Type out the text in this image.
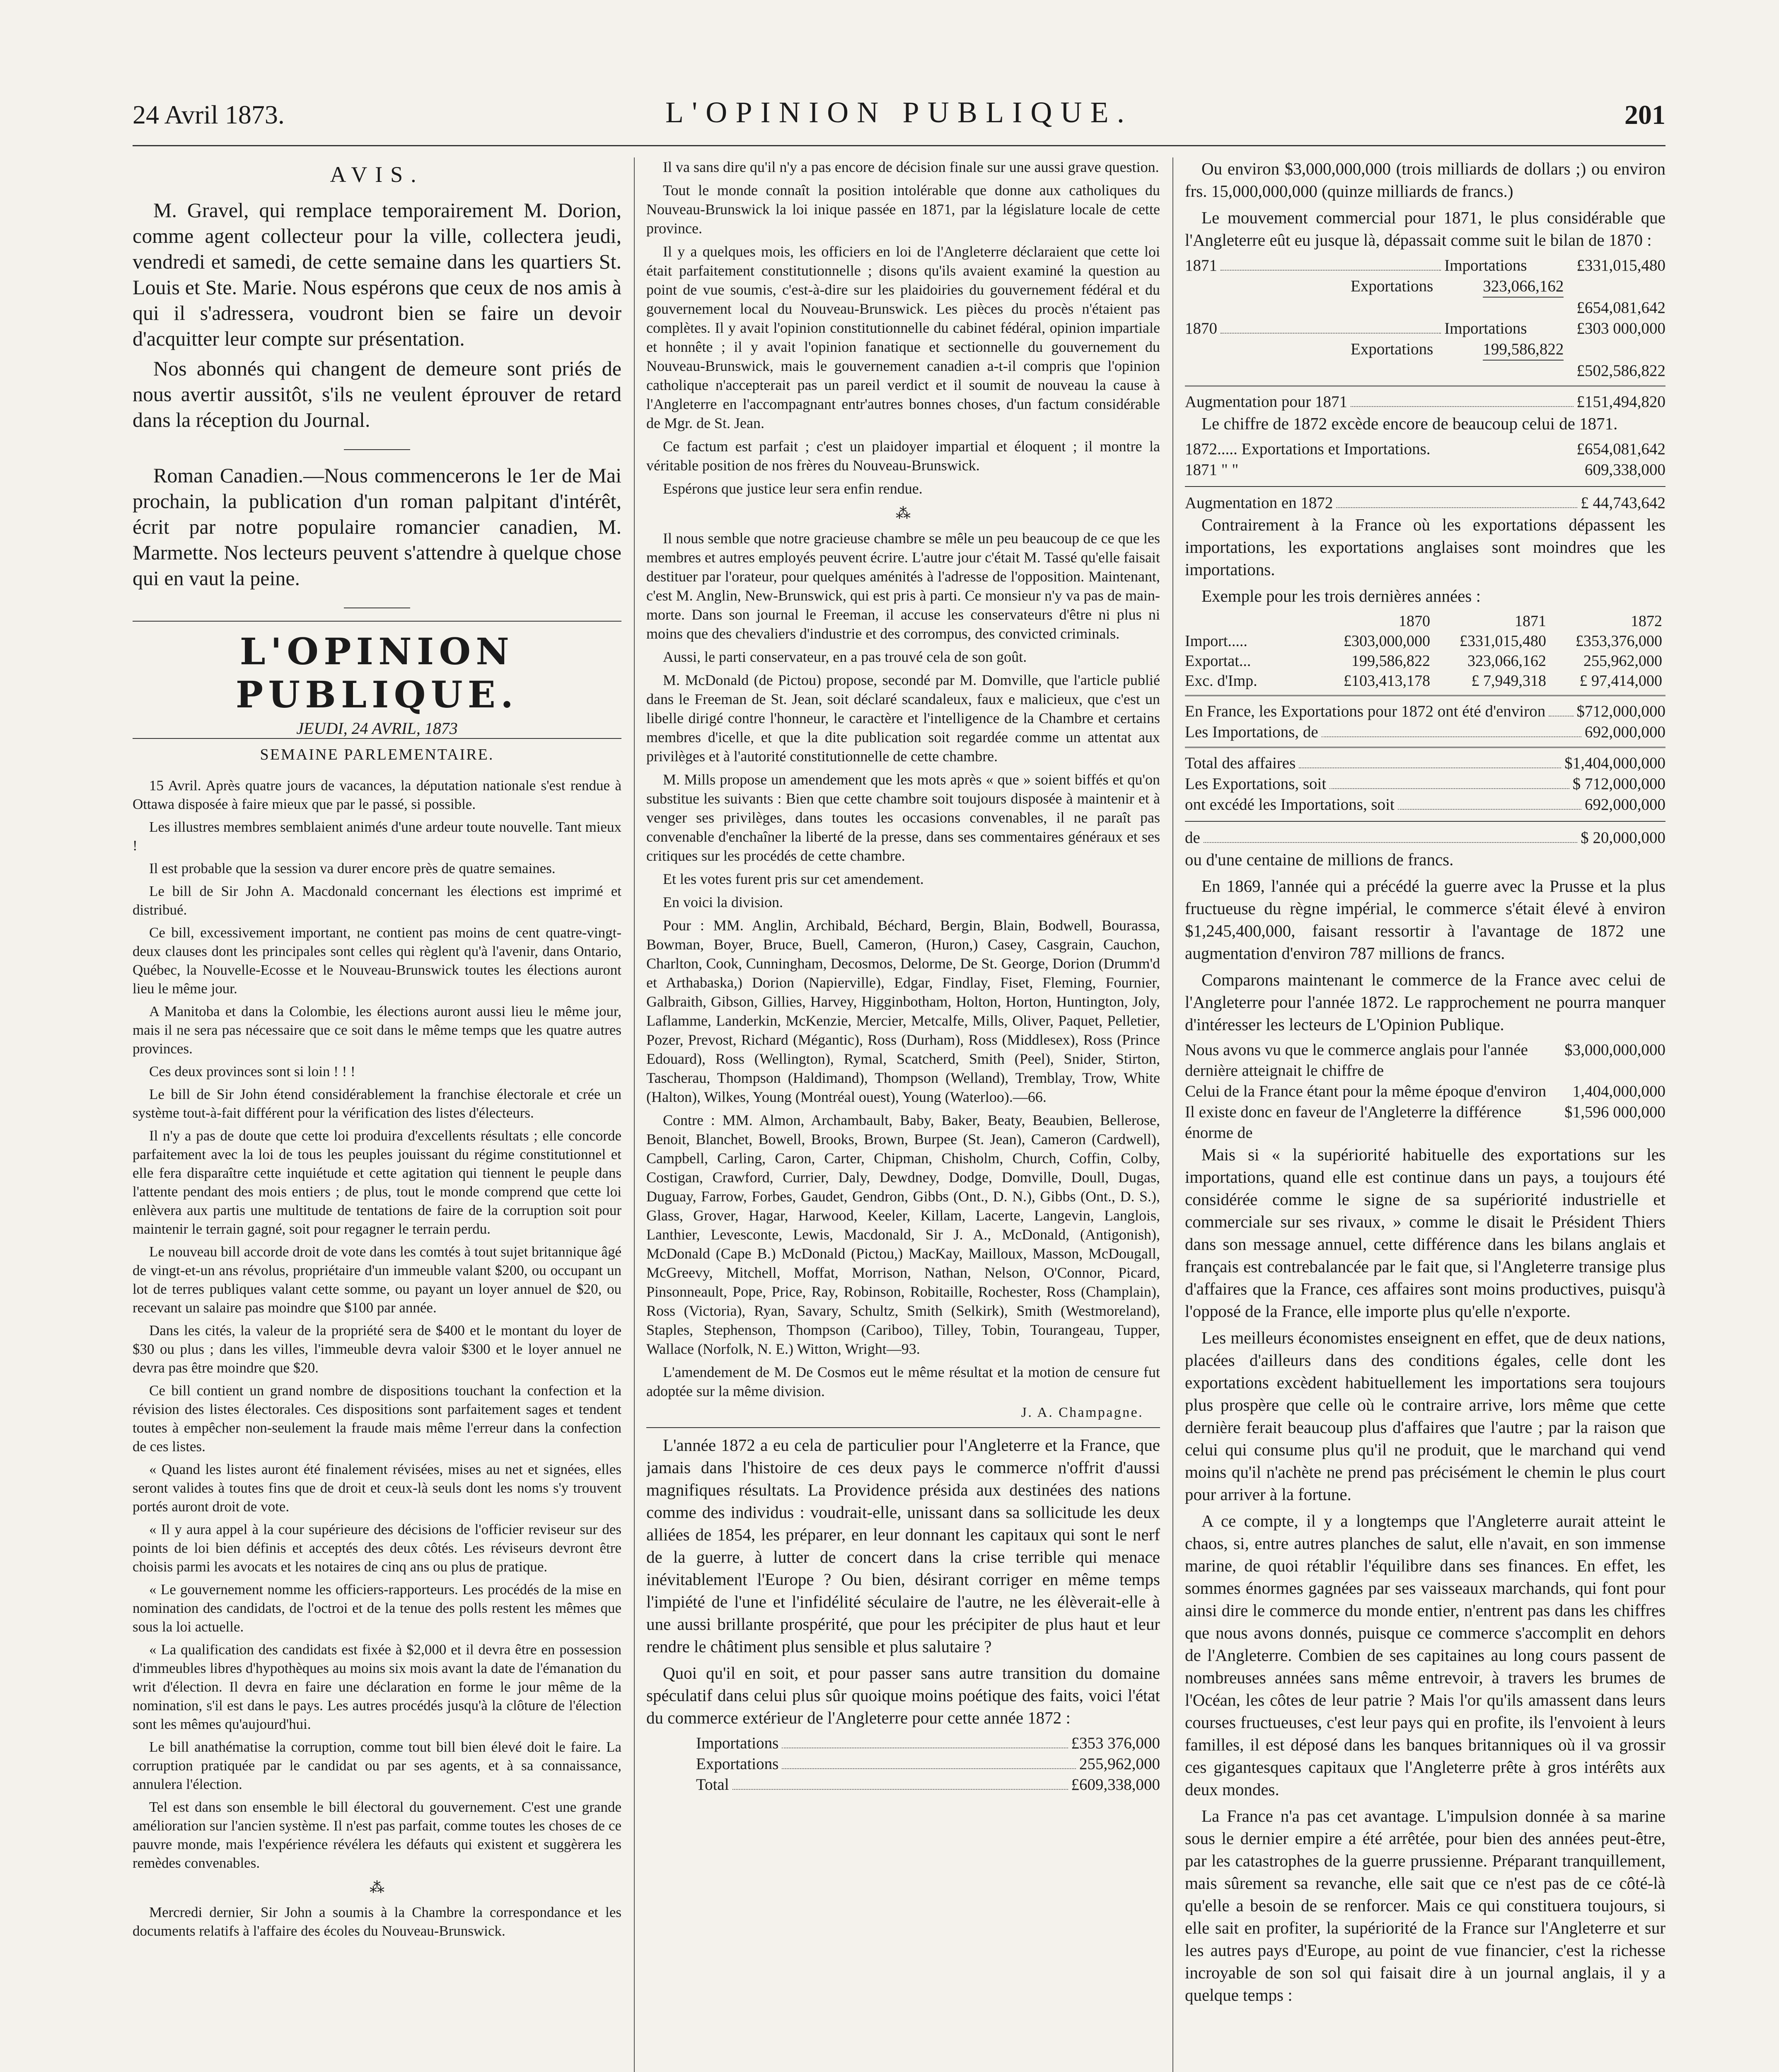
24 Avril 1873.	L'OPINION PUBLIQUE.	201
AVIS.

M. Gravel, qui remplace temporairement M. Dorion, comme agent collecteur pour la ville, collectera jeudi, vendredi et samedi, de cette semaine dans les quartiers St. Louis et Ste. Marie. Nous espérons que ceux de nos amis à qui il s'adressera, voudront bien se faire un devoir d'acquitter leur compte sur présentation.

Nos abonnés qui changent de demeure sont priés de nous avertir aussitôt, s'ils ne veulent éprouver de retard dans la réception du Journal.

Roman Canadien.—Nous commencerons le 1er de Mai prochain, la publication d'un roman palpitant d'intérêt, écrit par notre populaire romancier canadien, M. Marmette. Nos lecteurs peuvent s'attendre à quelque chose qui en vaut la peine.

L'OPINION PUBLIQUE.
JEUDI, 24 AVRIL, 1873
SEMAINE PARLEMENTAIRE.

15 Avril. Après quatre jours de vacances, la députation nationale s'est rendue à Ottawa disposée à faire mieux que par le passé, si possible.

Les illustres membres semblaient animés d'une ardeur toute nouvelle. Tant mieux !

Il est probable que la session va durer encore près de quatre semaines.

Le bill de Sir John A. Macdonald concernant les élections est imprimé et distribué.

Ce bill, excessivement important, ne contient pas moins de cent quatre-vingt-deux clauses dont les principales sont celles qui règlent qu'à l'avenir, dans Ontario, Québec, la Nouvelle-Ecosse et le Nouveau-Brunswick toutes les élections auront lieu le même jour.

A Manitoba et dans la Colombie, les élections auront aussi lieu le même jour, mais il ne sera pas nécessaire que ce soit dans le même temps que les quatre autres provinces.

Ces deux provinces sont si loin ! ! !

Le bill de Sir John étend considérablement la franchise électorale et crée un système tout-à-fait différent pour la vérification des listes d'électeurs.

Il n'y a pas de doute que cette loi produira d'excellents résultats ; elle concorde parfaitement avec la loi de tous les peuples jouissant du régime constitutionnel et elle fera disparaître cette inquiétude et cette agitation qui tiennent le peuple dans l'attente pendant des mois entiers ; de plus, tout le monde comprend que cette loi enlèvera aux partis une multitude de tentations de faire de la corruption soit pour maintenir le terrain gagné, soit pour regagner le terrain perdu.

Le nouveau bill accorde droit de vote dans les comtés à tout sujet britannique âgé de vingt-et-un ans révolus, propriétaire d'un immeuble valant $200, ou occupant un lot de terres publiques valant cette somme, ou payant un loyer annuel de $20, ou recevant un salaire pas moindre que $100 par année.

Dans les cités, la valeur de la propriété sera de $400 et le montant du loyer de $30 ou plus ; dans les villes, l'immeuble devra valoir $300 et le loyer annuel ne devra pas être moindre que $20.

Ce bill contient un grand nombre de dispositions touchant la confection et la révision des listes électorales. Ces dispositions sont parfaitement sages et tendent toutes à empêcher non-seulement la fraude mais même l'erreur dans la confection de ces listes.

« Quand les listes auront été finalement révisées, mises au net et signées, elles seront valides à toutes fins que de droit et ceux-là seuls dont les noms s'y trouvent portés auront droit de vote.

« Il y aura appel à la cour supérieure des décisions de l'officier reviseur sur des points de loi bien définis et acceptés des deux côtés. Les réviseurs devront être choisis parmi les avocats et les notaires de cinq ans ou plus de pratique.

« Le gouvernement nomme les officiers-rapporteurs. Les procédés de la mise en nomination des candidats, de l'octroi et de la tenue des polls restent les mêmes que sous la loi actuelle.

« La qualification des candidats est fixée à $2,000 et il devra être en possession d'immeubles libres d'hypothèques au moins six mois avant la date de l'émanation du writ d'élection. Il devra en faire une déclaration en forme le jour même de la nomination, s'il est dans le pays. Les autres procédés jusqu'à la clôture de l'élection sont les mêmes qu'aujourd'hui.

Le bill anathématise la corruption, comme tout bill bien élevé doit le faire. La corruption pratiquée par le candidat ou par ses agents, et à sa connaissance, annulera l'élection.

Tel est dans son ensemble le bill électoral du gouvernement. C'est une grande amélioration sur l'ancien système. Il n'est pas parfait, comme toutes les choses de ce pauvre monde, mais l'expérience révélera les défauts qui existent et suggèrera les remèdes convenables.

⁂

Mercredi dernier, Sir John a soumis à la Chambre la correspondance et les documents relatifs à l'affaire des écoles du Nouveau-Brunswick.

Il va sans dire qu'il n'y a pas encore de décision finale sur une aussi grave question.

Tout le monde connaît la position intolérable que donne aux catholiques du Nouveau-Brunswick la loi inique passée en 1871, par la législature locale de cette province.

Il y a quelques mois, les officiers en loi de l'Angleterre déclaraient que cette loi était parfaitement constitutionnelle ; disons qu'ils avaient examiné la question au point de vue soumis, c'est-à-dire sur les plaidoiries du gouvernement fédéral et du gouvernement local du Nouveau-Brunswick. Les pièces du procès n'étaient pas complètes. Il y avait l'opinion constitutionnelle du cabinet fédéral, opinion impartiale et honnête ; il y avait l'opinion fanatique et sectionnelle du gouvernement du Nouveau-Brunswick, mais le gouvernement canadien a-t-il compris que l'opinion catholique n'accepterait pas un pareil verdict et il soumit de nouveau la cause à l'Angleterre en l'accompagnant entr'autres bonnes choses, d'un factum considérable de Mgr. de St. Jean.

Ce factum est parfait ; c'est un plaidoyer impartial et éloquent ; il montre la véritable position de nos frères du Nouveau-Brunswick.

Espérons que justice leur sera enfin rendue.

⁂

Il nous semble que notre gracieuse chambre se mêle un peu beaucoup de ce que les membres et autres employés peuvent écrire. L'autre jour c'était M. Tassé qu'elle faisait destituer par l'orateur, pour quelques aménités à l'adresse de l'opposition. Maintenant, c'est M. Anglin, New-Brunswick, qui est pris à parti. Ce monsieur n'y va pas de main-morte. Dans son journal le Freeman, il accuse les conservateurs d'être ni plus ni moins que des chevaliers d'industrie et des corrompus, des convicted criminals.

Aussi, le parti conservateur, en a pas trouvé cela de son goût.

M. McDonald (de Pictou) propose, secondé par M. Domville, que l'article publié dans le Freeman de St. Jean, soit déclaré scandaleux, faux e malicieux, que c'est un libelle dirigé contre l'honneur, le caractère et l'intelligence de la Chambre et certains membres d'icelle, et que la dite publication soit regardée comme un attentat aux privilèges et à l'autorité constitutionnelle de cette chambre.

M. Mills propose un amendement que les mots après « que » soient biffés et qu'on substitue les suivants : Bien que cette chambre soit toujours disposée à maintenir et à venger ses privilèges, dans toutes les occasions convenables, il ne paraît pas convenable d'enchaîner la liberté de la presse, dans ses commentaires généraux et ses critiques sur les procédés de cette chambre.

Et les votes furent pris sur cet amendement.

En voici la division.

Pour : MM. Anglin, Archibald, Béchard, Bergin, Blain, Bodwell, Bourassa, Bowman, Boyer, Bruce, Buell, Cameron, (Huron,) Casey, Casgrain, Cauchon, Charlton, Cook, Cunningham, Decosmos, Delorme, De St. George, Dorion (Drumm'd et Arthabaska,) Dorion (Napierville), Edgar, Findlay, Fiset, Fleming, Fournier, Galbraith, Gibson, Gillies, Harvey, Higginbotham, Holton, Horton, Huntington, Joly, Laflamme, Landerkin, McKenzie, Mercier, Metcalfe, Mills, Oliver, Paquet, Pelletier, Pozer, Prevost, Richard (Mégantic), Ross (Durham), Ross (Middlesex), Ross (Prince Edouard), Ross (Wellington), Rymal, Scatcherd, Smith (Peel), Snider, Stirton, Tascherau, Thompson (Haldimand), Thompson (Welland), Tremblay, Trow, White (Halton), Wilkes, Young (Montréal ouest), Young (Waterloo).—66.

Contre : MM. Almon, Archambault, Baby, Baker, Beaty, Beaubien, Bellerose, Benoit, Blanchet, Bowell, Brooks, Brown, Burpee (St. Jean), Cameron (Cardwell), Campbell, Carling, Caron, Carter, Chipman, Chisholm, Church, Coffin, Colby, Costigan, Crawford, Currier, Daly, Dewdney, Dodge, Domville, Doull, Dugas, Duguay, Farrow, Forbes, Gaudet, Gendron, Gibbs (Ont., D. N.), Gibbs (Ont., D. S.), Glass, Grover, Hagar, Harwood, Keeler, Killam, Lacerte, Langevin, Langlois, Lanthier, Levesconte, Lewis, Macdonald, Sir J. A., McDonald, (Antigonish), McDonald (Cape B.) McDonald (Pictou,) MacKay, Mailloux, Masson, McDougall, McGreevy, Mitchell, Moffat, Morrison, Nathan, Nelson, O'Connor, Picard, Pinsonneault, Pope, Price, Ray, Robinson, Robitaille, Rochester, Ross (Champlain), Ross (Victoria), Ryan, Savary, Schultz, Smith (Selkirk), Smith (Westmoreland), Staples, Stephenson, Thompson (Cariboo), Tilley, Tobin, Tourangeau, Tupper, Wallace (Norfolk, N. E.) Witton, Wright—93.

L'amendement de M. De Cosmos eut le même résultat et la motion de censure fut adoptée sur la même division.

J. A. Champagne.

L'année 1872 a eu cela de particulier pour l'Angleterre et la France, que jamais dans l'histoire de ces deux pays le commerce n'offrit d'aussi magnifiques résultats. La Providence présida aux destinées des nations comme des individus : voudrait-elle, unissant dans sa sollicitude les deux alliées de 1854, les préparer, en leur donnant les capitaux qui sont le nerf de la guerre, à lutter de concert dans la crise terrible qui menace inévitablement l'Europe ? Ou bien, désirant corriger en même temps l'impiété de l'une et l'infidélité séculaire de l'autre, ne les élèverait-elle à une aussi brillante prospérité, que pour les précipiter de plus haut et leur rendre le châtiment plus sensible et plus salutaire ?

Quoi qu'il en soit, et pour passer sans autre transition du domaine spéculatif dans celui plus sûr quoique moins poétique des faits, voici l'état du commerce extérieur de l'Angleterre pour cette année 1872 :

Importations	£353 376,000
Exportations	255,962,000
Total	£609,338,000

Ou environ $3,000,000,000 (trois milliards de dollars ;) ou environ frs. 15,000,000,000 (quinze milliards de francs.)

Le mouvement commercial pour 1871, le plus considérable que l'Angleterre eût eu jusque là, dépassait comme suit le bilan de 1870 :

1871	Importations	£331,015,480
Exportations	323,066,162
£654,081,642
1870	Importations	£303 000,000
Exportations	199,586,822
£502,586,822
Augmentation pour 1871	£151,494,820

Le chiffre de 1872 excède encore de beaucoup celui de 1871.

1872..... Exportations et Importations.	£654,081,642
1871 " "	609,338,000
Augmentation en 1872	£ 44,743,642

Contrairement à la France où les exportations dépassent les importations, les exportations anglaises sont moindres que les importations.

Exemple pour les trois dernières années :

1870	1871	1872
Import.....	£303,000,000	£331,015,480	£353,376,000
Exportat...	199,586,822	323,066,162	255,962,000
Exc. d'Imp.	£103,413,178	£ 7,949,318	£ 97,414,000
En France, les Exportations pour 1872 ont été d'environ $712,000,000
Les Importations, de	692,000,000
Total des affaires	$1,404,000,000
Les Exportations, soit	$ 712,000,000
ont excédé les Importations, soit	692,000,000
de	$ 20,000,000

ou d'une centaine de millions de francs.

En 1869, l'année qui a précédé la guerre avec la Prusse et la plus fructueuse du règne impérial, le commerce s'était élevé à environ $1,245,400,000, faisant ressortir à l'avantage de 1872 une augmentation d'environ 787 millions de francs.

Comparons maintenant le commerce de la France avec celui de l'Angleterre pour l'année 1872. Le rapprochement ne pourra manquer d'intéresser les lecteurs de L'Opinion Publique.

Nous avons vu que le commerce anglais pour l'année dernière atteignait le chiffre de
$3,000,000,000
Celui de la France étant pour la même époque d'environ	1,404,000,000
Il existe donc en faveur de l'Angleterre la différence énorme de
$1,596 000,000

Mais si « la supériorité habituelle des exportations sur les importations, quand elle est continue dans un pays, a toujours été considérée comme le signe de sa supériorité industrielle et commerciale sur ses rivaux, » comme le disait le Président Thiers dans son message annuel, cette différence dans les bilans anglais et français est contrebalancée par le fait que, si l'Angleterre transige plus d'affaires que la France, ces affaires sont moins productives, puisqu'à l'opposé de la France, elle importe plus qu'elle n'exporte.

Les meilleurs économistes enseignent en effet, que de deux nations, placées d'ailleurs dans des conditions égales, celle dont les exportations excèdent habituellement les importations sera toujours plus prospère que celle où le contraire arrive, lors même que cette dernière ferait beaucoup plus d'affaires que l'autre ; par la raison que celui qui consume plus qu'il ne produit, que le marchand qui vend moins qu'il n'achète ne prend pas précisément le chemin le plus court pour arriver à la fortune.

A ce compte, il y a longtemps que l'Angleterre aurait atteint le chaos, si, entre autres planches de salut, elle n'avait, en son immense marine, de quoi rétablir l'équilibre dans ses finances. En effet, les sommes énormes gagnées par ses vaisseaux marchands, qui font pour ainsi dire le commerce du monde entier, n'entrent pas dans les chiffres que nous avons donnés, puisque ce commerce s'accomplit en dehors de l'Angleterre. Combien de ses capitaines au long cours passent de nombreuses années sans même entrevoir, à travers les brumes de l'Océan, les côtes de leur patrie ? Mais l'or qu'ils amassent dans leurs courses fructueuses, c'est leur pays qui en profite, ils l'envoient à leurs familles, il est déposé dans les banques britanniques où il va grossir ces gigantesques capitaux que l'Angleterre prête à gros intérêts aux deux mondes.

La France n'a pas cet avantage. L'impulsion donnée à sa marine sous le dernier empire a été arrêtée, pour bien des années peut-être, par les catastrophes de la guerre prussienne. Préparant tranquillement, mais sûrement sa revanche, elle sait que ce n'est pas de ce côté-là qu'elle a besoin de se renforcer. Mais ce qui constituera toujours, si elle sait en profiter, la supériorité de la France sur l'Angleterre et sur les autres pays d'Europe, au point de vue financier, c'est la richesse incroyable de son sol qui faisait dire à un journal anglais, il y a quelque temps :
